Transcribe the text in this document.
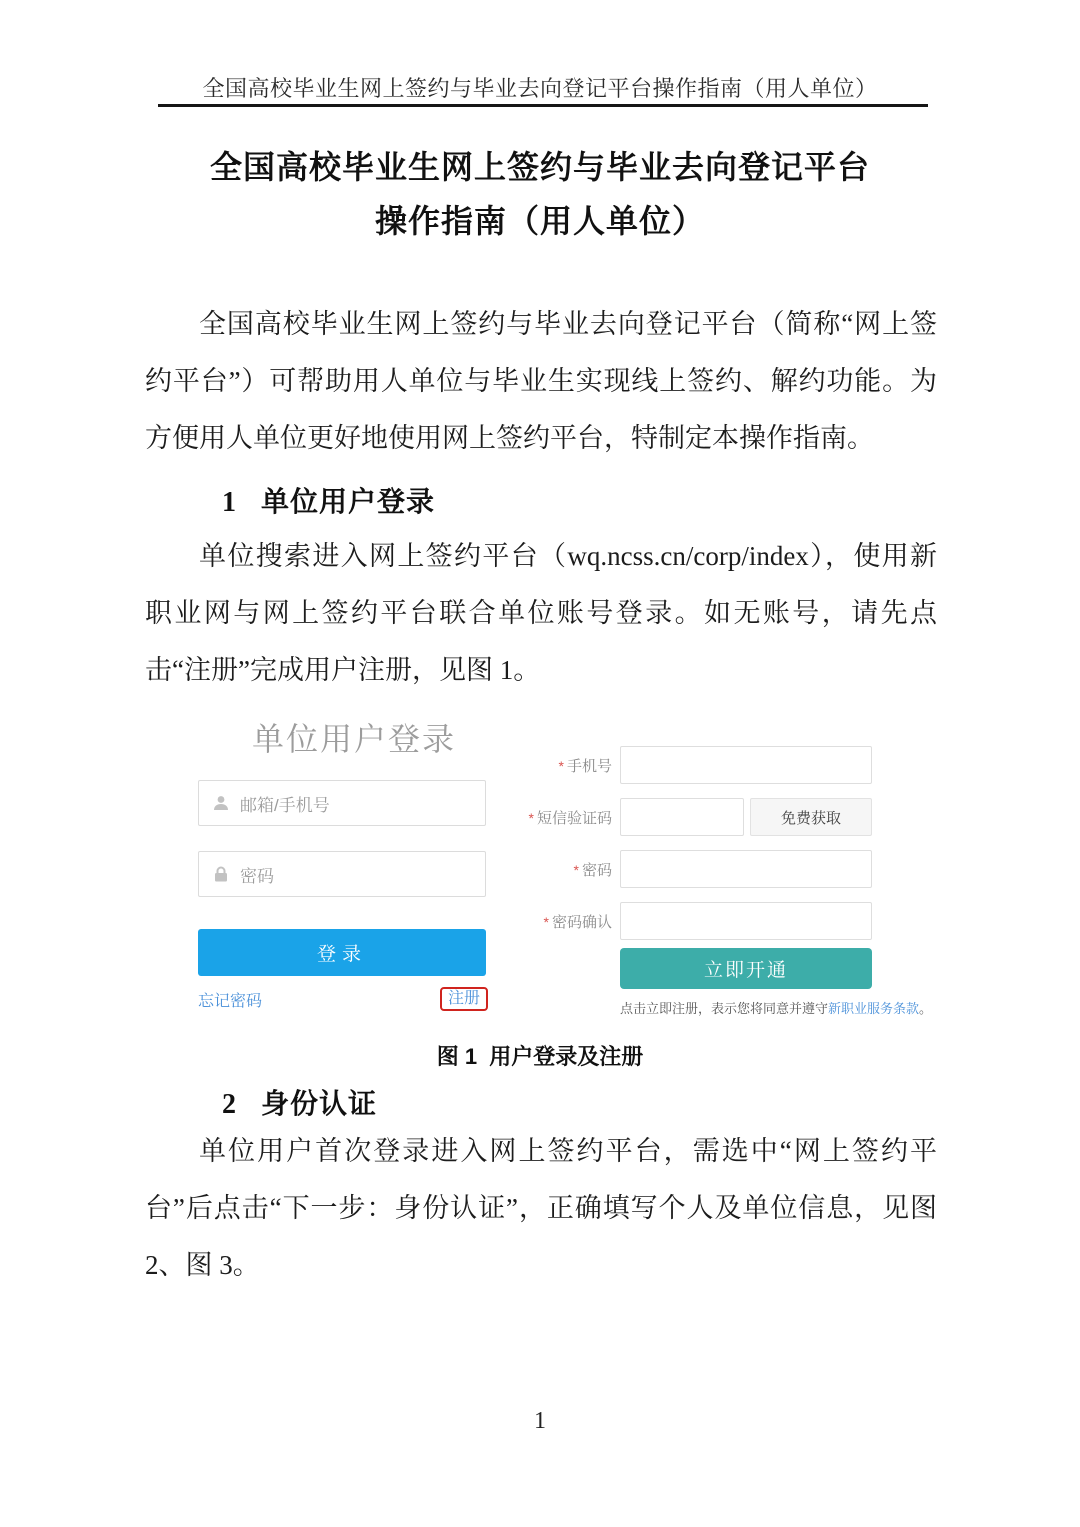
全国高校毕业生网上签约与毕业去向登记平台操作指南（用人单位）
全国高校毕业生网上签约与毕业去向登记平台
操作指南（用人单位）

全国高校毕业生网上签约与毕业去向登记平台（简称“网上签约平台”）可帮助用人单位与毕业生实现线上签约、解约功能。为方便用人单位更好地使用网上签约平台，特制定本操作指南。

1 单位用户登录

单位搜索进入网上签约平台（wq.ncss.cn/corp/index），使用新职业网与网上签约平台联合单位账号登录。如无账号，请先点击“注册”完成用户注册，见图 1。

单位用户登录
邮箱/手机号
密码
登录
忘记密码	注册
* 手机号
* 短信验证码	免费获取
* 密码
* 密码确认
立即开通
点击立即注册，表示您将同意并遵守新职业服务条款。
图 1  用户登录及注册
2 身份认证

单位用户首次登录进入网上签约平台，需选中“网上签约平台”后点击“下一步：身份认证”，正确填写个人及单位信息，见图 2、图 3。

1
